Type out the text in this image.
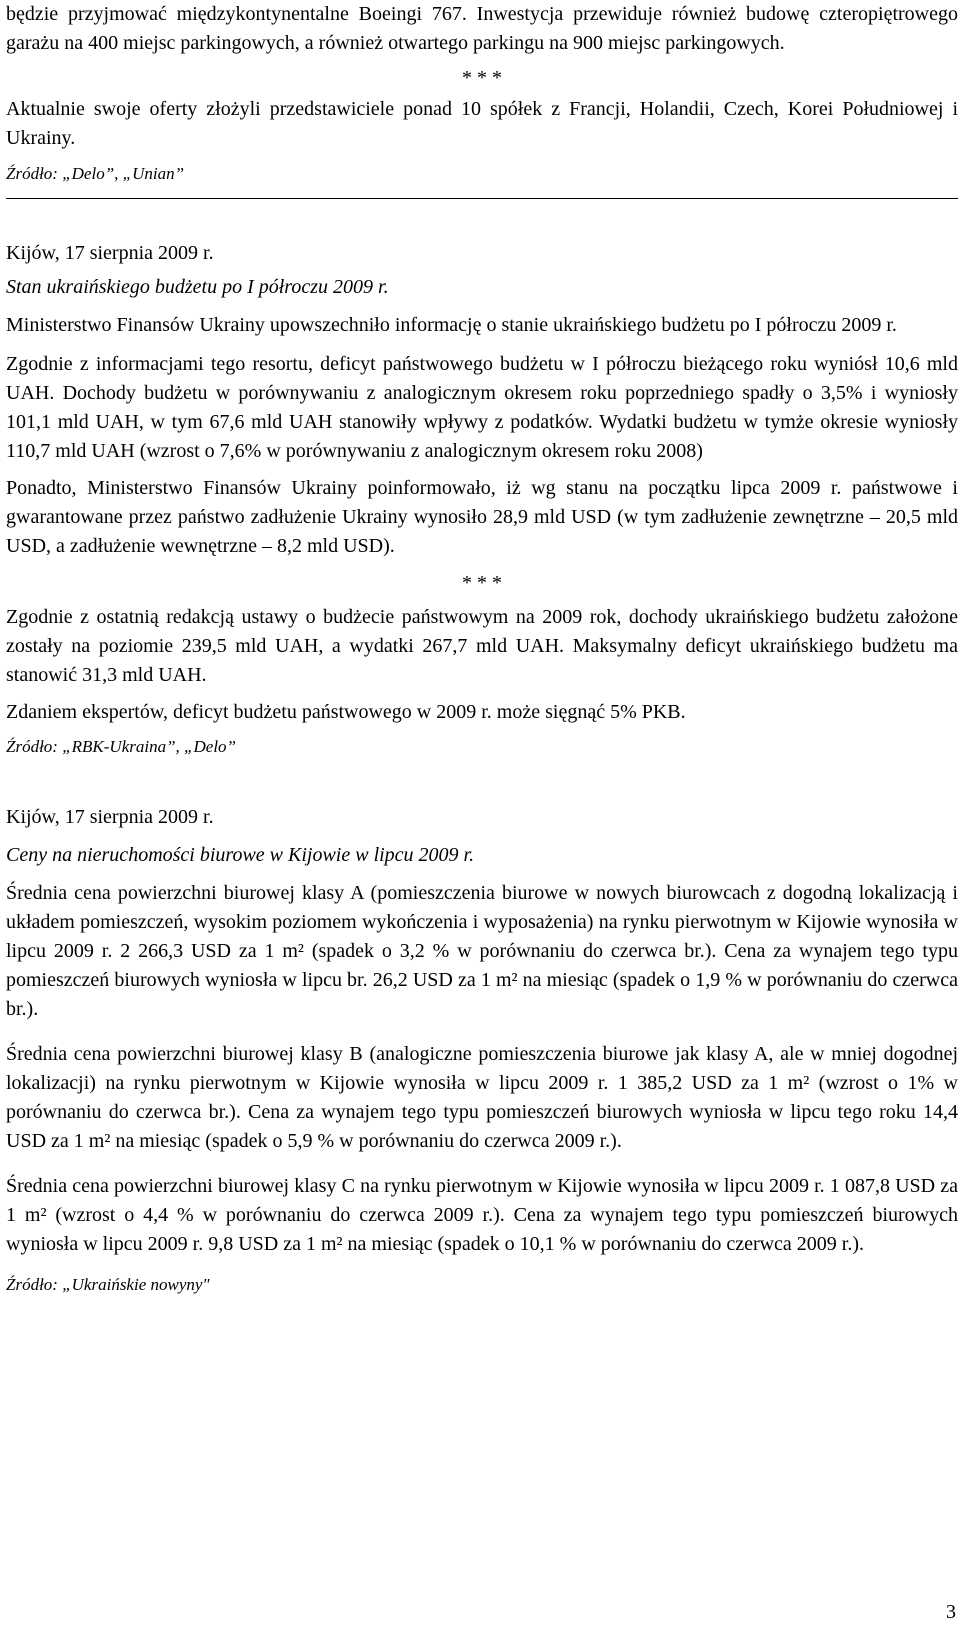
będzie przyjmować międzykontynentalne Boeingi 767. Inwestycja przewiduje również budowę czteropiętrowego garażu na 400 miejsc parkingowych, a również otwartego parkingu na 900 miejsc parkingowych.

* * *

Aktualnie swoje oferty złożyli przedstawiciele ponad 10 spółek z Francji, Holandii, Czech, Korei Południowej i Ukrainy.

Źródło: „Delo”, „Unian”
Kijów, 17 sierpnia 2009 r.
Stan ukraińskiego budżetu po I półroczu 2009 r.

Ministerstwo Finansów Ukrainy upowszechniło informację o stanie ukraińskiego budżetu po I półroczu 2009 r.

Zgodnie z informacjami tego resortu, deficyt państwowego budżetu w I półroczu bieżącego roku wyniósł 10,6 mld UAH. Dochody budżetu w porównywaniu z analogicznym okresem roku poprzedniego spadły o 3,5% i wyniosły 101,1 mld UAH, w tym 67,6 mld UAH stanowiły wpływy z podatków. Wydatki budżetu w tymże okresie wyniosły 110,7 mld UAH (wzrost o 7,6% w porównywaniu z analogicznym okresem roku 2008)

Ponadto, Ministerstwo Finansów Ukrainy poinformowało, iż wg stanu na początku lipca 2009 r. państwowe i gwarantowane przez państwo zadłużenie Ukrainy wynosiło 28,9 mld USD (w tym zadłużenie zewnętrzne – 20,5 mld USD, a zadłużenie wewnętrzne – 8,2 mld USD).

* * *

Zgodnie z ostatnią redakcją ustawy o budżecie państwowym na 2009 rok, dochody ukraińskiego budżetu założone zostały na poziomie 239,5 mld UAH, a wydatki 267,7 mld UAH. Maksymalny deficyt ukraińskiego budżetu ma stanowić 31,3 mld UAH.

Zdaniem ekspertów, deficyt budżetu państwowego w 2009 r. może sięgnąć 5% PKB.

Źródło: „RBK-Ukraina”, „Delo”
Kijów, 17 sierpnia 2009 r.
Ceny na nieruchomości biurowe w Kijowie w lipcu 2009 r.

Średnia cena powierzchni biurowej klasy A (pomieszczenia biurowe w nowych biurowcach z dogodną lokalizacją i układem pomieszczeń, wysokim poziomem wykończenia i wyposażenia) na rynku pierwotnym w Kijowie wynosiła w lipcu 2009 r. 2 266,3 USD za 1 m² (spadek o 3,2 % w porównaniu do czerwca br.). Cena za wynajem tego typu pomieszczeń biurowych wyniosła w lipcu br. 26,2 USD za 1 m² na miesiąc (spadek o 1,9 % w porównaniu do czerwca br.).

Średnia cena powierzchni biurowej klasy B (analogiczne pomieszczenia biurowe jak klasy A, ale w mniej dogodnej lokalizacji) na rynku pierwotnym w Kijowie wynosiła w lipcu 2009 r. 1 385,2 USD za 1 m² (wzrost o 1% w porównaniu do czerwca br.). Cena za wynajem tego typu pomieszczeń biurowych wyniosła w lipcu tego roku 14,4 USD za 1 m² na miesiąc (spadek o 5,9 % w porównaniu do czerwca 2009 r.).

Średnia cena powierzchni biurowej klasy C na rynku pierwotnym w Kijowie wynosiła w lipcu 2009 r. 1 087,8 USD za 1 m² (wzrost o 4,4 % w porównaniu do czerwca 2009 r.). Cena za wynajem tego typu pomieszczeń biurowych wyniosła w lipcu 2009 r. 9,8 USD za 1 m² na miesiąc (spadek o 10,1 % w porównaniu do czerwca 2009 r.).

Źródło: „Ukraińskie nowyny"
3
